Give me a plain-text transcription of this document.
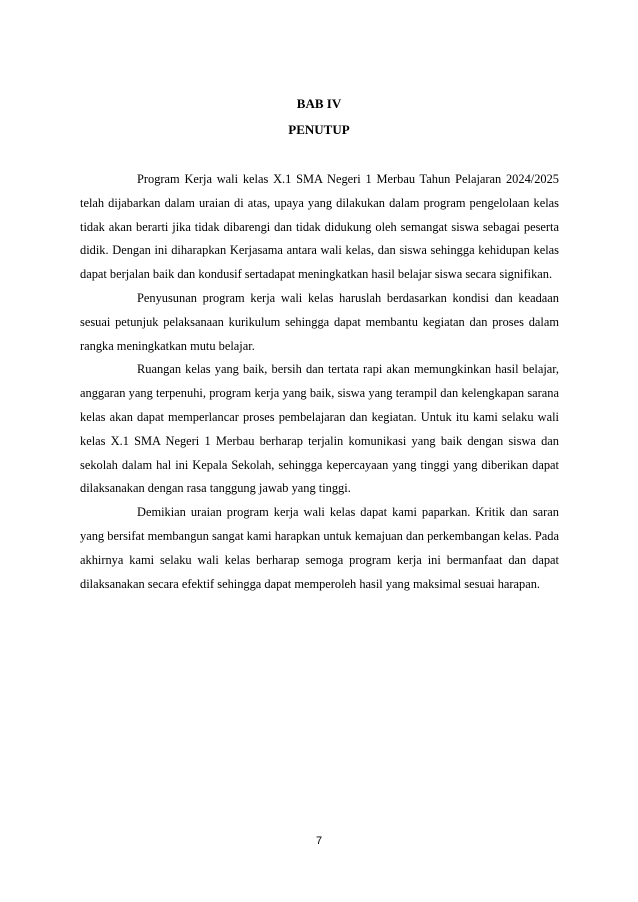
BAB IV
PENUTUP

Program Kerja wali kelas X.1 SMA Negeri 1 Merbau Tahun Pelajaran 2024/2025 telah dijabarkan dalam uraian di atas, upaya yang dilakukan dalam program pengelolaan kelas tidak akan berarti jika tidak dibarengi dan tidak didukung oleh semangat siswa sebagai peserta didik. Dengan ini diharapkan Kerjasama antara wali kelas, dan siswa sehingga kehidupan kelas dapat berjalan baik dan kondusif sertadapat meningkatkan hasil belajar siswa secara signifikan.

Penyusunan program kerja wali kelas haruslah berdasarkan kondisi dan keadaan sesuai petunjuk pelaksanaan kurikulum sehingga dapat membantu kegiatan dan proses dalam rangka meningkatkan mutu belajar.

Ruangan kelas yang baik, bersih dan tertata rapi akan memungkinkan hasil belajar, anggaran yang terpenuhi, program kerja yang baik, siswa yang terampil dan kelengkapan sarana kelas akan dapat memperlancar proses pembelajaran dan kegiatan. Untuk itu kami selaku wali kelas X.1 SMA Negeri 1 Merbau berharap terjalin komunikasi yang baik dengan siswa dan sekolah dalam hal ini Kepala Sekolah, sehingga kepercayaan yang tinggi yang diberikan dapat dilaksanakan dengan rasa tanggung jawab yang tinggi.

Demikian uraian program kerja wali kelas dapat kami paparkan. Kritik dan saran yang bersifat membangun sangat kami harapkan untuk kemajuan dan perkembangan kelas. Pada akhirnya kami selaku wali kelas berharap semoga program kerja ini bermanfaat dan dapat dilaksanakan secara efektif sehingga dapat memperoleh hasil yang maksimal sesuai harapan.

7
